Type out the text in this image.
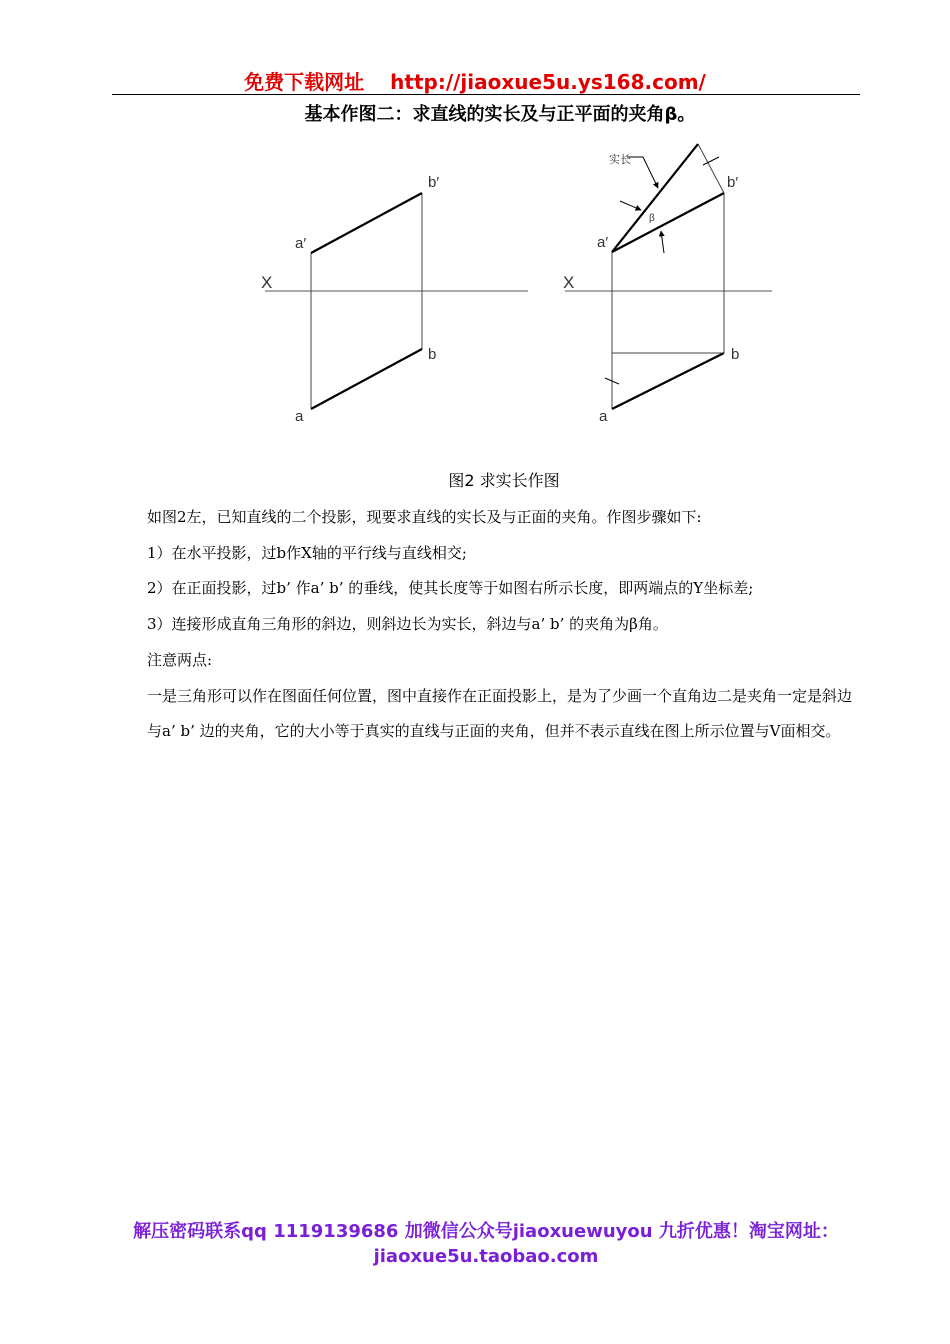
免费下载网址 http://jiaoxue5u.ys168.com/
基本作图二：求直线的实长及与正平面的夹角β。
a′
b′
a
b
X
实长
β
a′
b′
a
b
X
图2 求实长作图

如图2左，已知直线的二个投影，现要求直线的实长及与正面的夹角。作图步骤如下:

1）在水平投影，过b作X轴的平行线与直线相交;

2）在正面投影，过b’ 作a’ b’ 的垂线，使其长度等于如图右所示长度，即两端点的Y坐标差;

3）连接形成直角三角形的斜边，则斜边长为实长，斜边与a’ b’ 的夹角为β角。

注意两点:

一是三角形可以作在图面任何位置，图中直接作在正面投影上，是为了少画一个直角边二是夹角一定是斜边与a’ b’ 边的夹角，它的大小等于真实的直线与正面的夹角，但并不表示直线在图上所示位置与V面相交。

解压密码联系qq 1119139686 加微信公众号jiaoxuewuyou 九折优惠！淘宝网址：jiaoxue5u.taobao.com
